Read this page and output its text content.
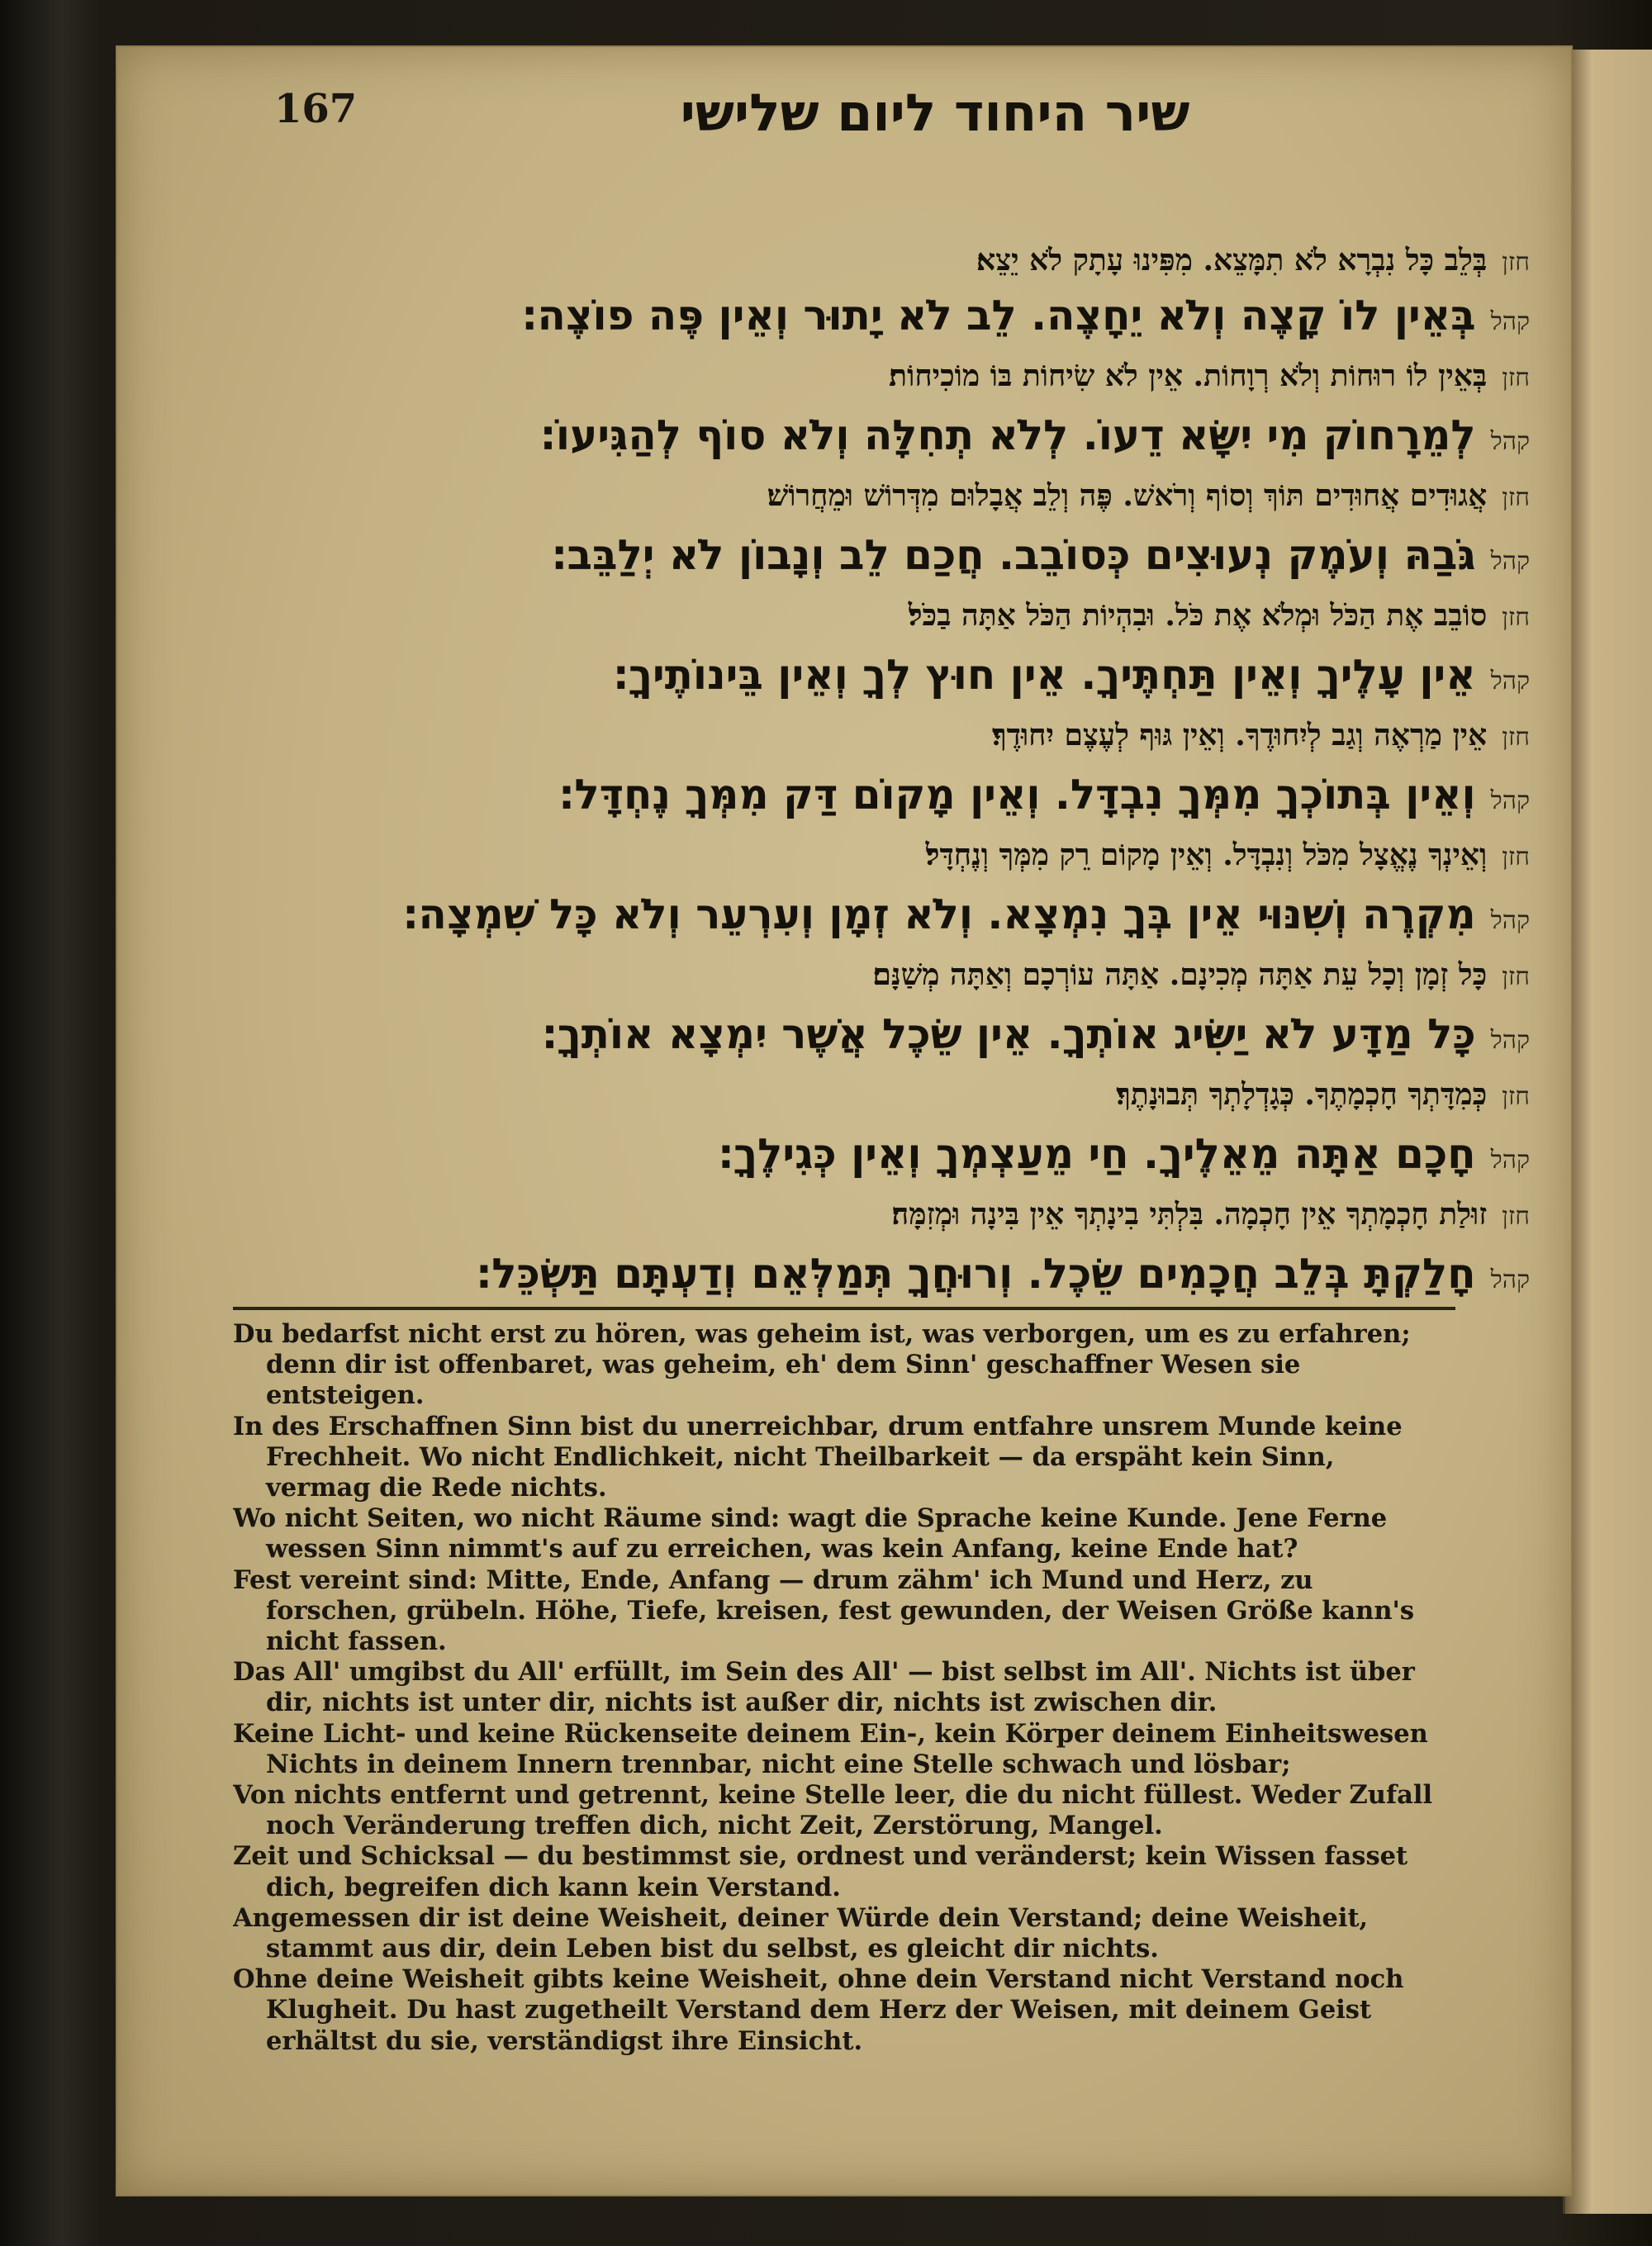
167	שיר היחוד ליום שלישי
חזןבְּלֵב כָּל נִבְרָא לֹא תִמָּצֵא. מִפִּינוּ עָתָק לֹא יֵצֵא׃
קהלבְּאֵין לוֹ קָצֶה וְלֹא יֵחָצֶה. לֵב לֹא יָתוּר וְאֵין פֶּה פוֹצֶה׃
חזןבְּאֵין לוֹ רוּחוֹת וְלֹא רְוָחוֹת. אֵין לֹא שִׂיחוֹת בּוֹ מוֹכִיחוֹת׃
קהללְמֵרָחוֹק מִי יִשָּׂא דֵעוֹ. לְלֹא תְחִלָּה וְלֹא סוֹף לְהַגִּיעוֹ׃
חזןאֲגוּדִים אֲחוּדִים תּוֹךְ וְסוֹף וְרֹאשׁ. פֶּה וְלֵב אֲבָלוּם מִדְּרוֹשׁ וּמֵחֲרוֹשׁ׃
קהלגֹּבַהּ וְעֹמֶק נְעוּצִים כְּסוֹבֵב. חֲכַם לֵב וְנָבוֹן לֹא יְלַבֵּב׃
חזןסוֹבֵב אֶת הַכֹּל וּמְלֹא אֶת כֹּל. וּבִהְיוֹת הַכֹּל אַתָּה בַכֹּל׃
קהלאֵין עָלֶיךָ וְאֵין תַּחְתֶּיךָ. אֵין חוּץ לְךָ וְאֵין בֵּינוֹתֶיךָ׃
חזןאֵין מַרְאֶה וְגַב לְיִחוּדֶךָ. וְאֵין גּוּף לְעֶצֶם יִחוּדֶךָ׃
קהלוְאֵין בְּתוֹכְךָ מִמְּךָ נִבְדָּל. וְאֵין מָקוֹם דַּק מִמְּךָ נֶחְדָּל׃
חזןוְאֵינְךָ נֶאֱצָל מִכֹּל וְנִבְדָּל. וְאֵין מָקוֹם רֵק מִמְּךָ וְנֶחְדָּל׃
קהלמִקְרֶה וְשִׁנּוּי אֵין בְּךָ נִמְצָא. וְלֹא זְמָן וְעִרְעֵר וְלֹא כָּל שִׁמְצָה׃
חזןכָּל זְמָן וְכָל עֵת אַתָּה מְכִינָם. אַתָּה עוֹרְכָם וְאַתָּה מְשַׁנָּם׃
קהלכָּל מַדָּע לֹא יַשִּׂיג אוֹתְךָ. אֵין שֵׂכֶל אֲשֶׁר יִמְצָא אוֹתְךָ׃
חזןכְּמִדָּתְךָ חָכְמָתֶךָ. כְּגָדְלָתְךָ תְּבוּנָתֶךָ׃
קהלחָכָם אַתָּה מֵאֵלֶיךָ. חַי מֵעַצְמְךָ וְאֵין כְּגִילֶךָ׃
חזןזוּלַת חָכְמָתְךָ אֵין חָכְמָה. בִּלְתִּי בִינָתְךָ אֵין בִּינָה וּמְזִמָּה׃
קהלחָלַקְתָּ בְּלֵב חֲכָמִים שֵׂכֶל. וְרוּחֲךָ תְּמַלְּאֵם וְדַעְתָּם תַּשְׂכֵּל׃

Du bedarfst nicht erst zu hören, was geheim ist, was verborgen, um es zu erfahren; denn dir ist offenbaret, was geheim, eh' dem Sinn' geschaffner Wesen sie entsteigen.

In des Erschaffnen Sinn bist du unerreichbar, drum entfahre unsrem Munde keine Frechheit. Wo nicht Endlichkeit, nicht Theilbarkeit — da erspäht kein Sinn, vermag die Rede nichts.

Wo nicht Seiten, wo nicht Räume sind: wagt die Sprache keine Kunde. Jene Ferne wessen Sinn nimmt's auf zu erreichen, was kein Anfang, keine Ende hat?

Fest vereint sind: Mitte, Ende, Anfang — drum zähm' ich Mund und Herz, zu forschen, grübeln. Höhe, Tiefe, kreisen, fest gewunden, der Weisen Größe kann's nicht fassen.

Das All' umgibst du All' erfüllt, im Sein des All' — bist selbst im All'. Nichts ist über dir, nichts ist unter dir, nichts ist außer dir, nichts ist zwischen dir.

Keine Licht- und keine Rückenseite deinem Ein-, kein Körper deinem Einheitswesen Nichts in deinem Innern trennbar, nicht eine Stelle schwach und lösbar;

Von nichts entfernt und getrennt, keine Stelle leer, die du nicht füllest. Weder Zufall noch Veränderung treffen dich, nicht Zeit, Zerstörung, Mangel.

Zeit und Schicksal — du bestimmst sie, ordnest und veränderst; kein Wissen fasset dich, begreifen dich kann kein Verstand.

Angemessen dir ist deine Weisheit, deiner Würde dein Verstand; deine Weisheit, stammt aus dir, dein Leben bist du selbst, es gleicht dir nichts.

Ohne deine Weisheit gibts keine Weisheit, ohne dein Verstand nicht Verstand noch Klugheit. Du hast zugetheilt Verstand dem Herz der Weisen, mit deinem Geist erhältst du sie, verständigst ihre Einsicht.
